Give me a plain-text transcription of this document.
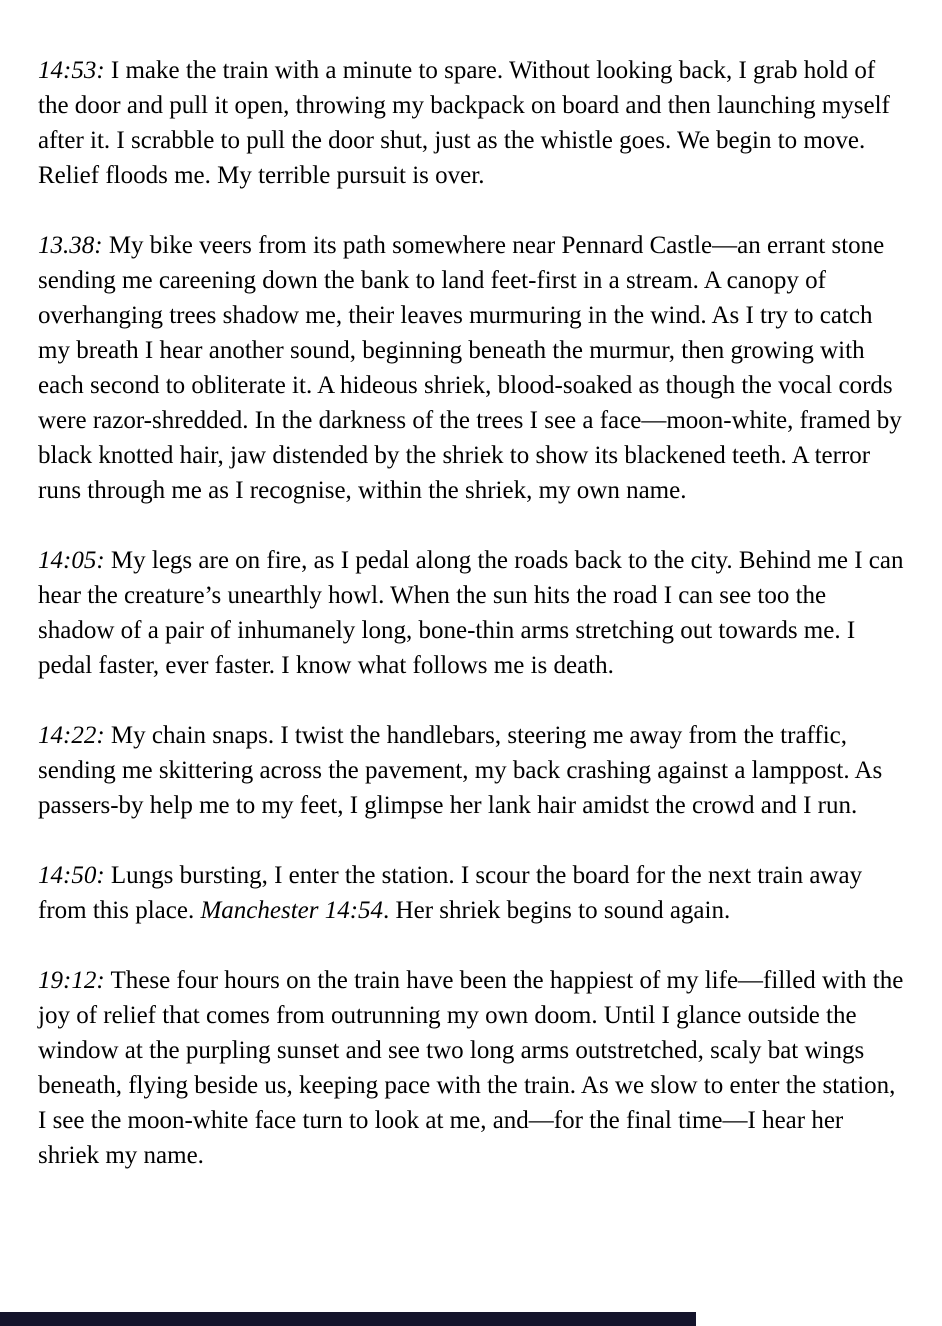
14:53: I make the train with a minute to spare. Without looking back, I grab hold of the door and pull it open, throwing my backpack on board and then launching myself after it. I scrabble to pull the door shut, just as the whistle goes. We begin to move. Relief floods me. My terrible pursuit is over.

13.38: My bike veers from its path somewhere near Pennard Castle—an errant stone sending me careening down the bank to land feet-first in a stream. A canopy of overhanging trees shadow me, their leaves murmuring in the wind. As I try to catch my breath I hear another sound, beginning beneath the murmur, then growing with each second to obliterate it. A hideous shriek, blood-soaked as though the vocal cords were razor-shredded. In the darkness of the trees I see a face—moon-white, framed by black knotted hair, jaw distended by the shriek to show its blackened teeth. A terror runs through me as I recognise, within the shriek, my own name.

14:05: My legs are on fire, as I pedal along the roads back to the city. Behind me I can hear the creature’s unearthly howl. When the sun hits the road I can see too the shadow of a pair of inhumanely long, bone-thin arms stretching out towards me. I pedal faster, ever faster. I know what follows me is death.

14:22: My chain snaps. I twist the handlebars, steering me away from the traffic, sending me skittering across the pavement, my back crashing against a lamppost. As passers-by help me to my feet, I glimpse her lank hair amidst the crowd and I run.

14:50: Lungs bursting, I enter the station. I scour the board for the next train away from this place. Manchester 14:54. Her shriek begins to sound again.

19:12: These four hours on the train have been the happiest of my life—filled with the joy of relief that comes from outrunning my own doom. Until I glance outside the window at the purpling sunset and see two long arms outstretched, scaly bat wings beneath, flying beside us, keeping pace with the train. As we slow to enter the station, I see the moon-white face turn to look at me, and—for the final time—I hear her shriek my name.
